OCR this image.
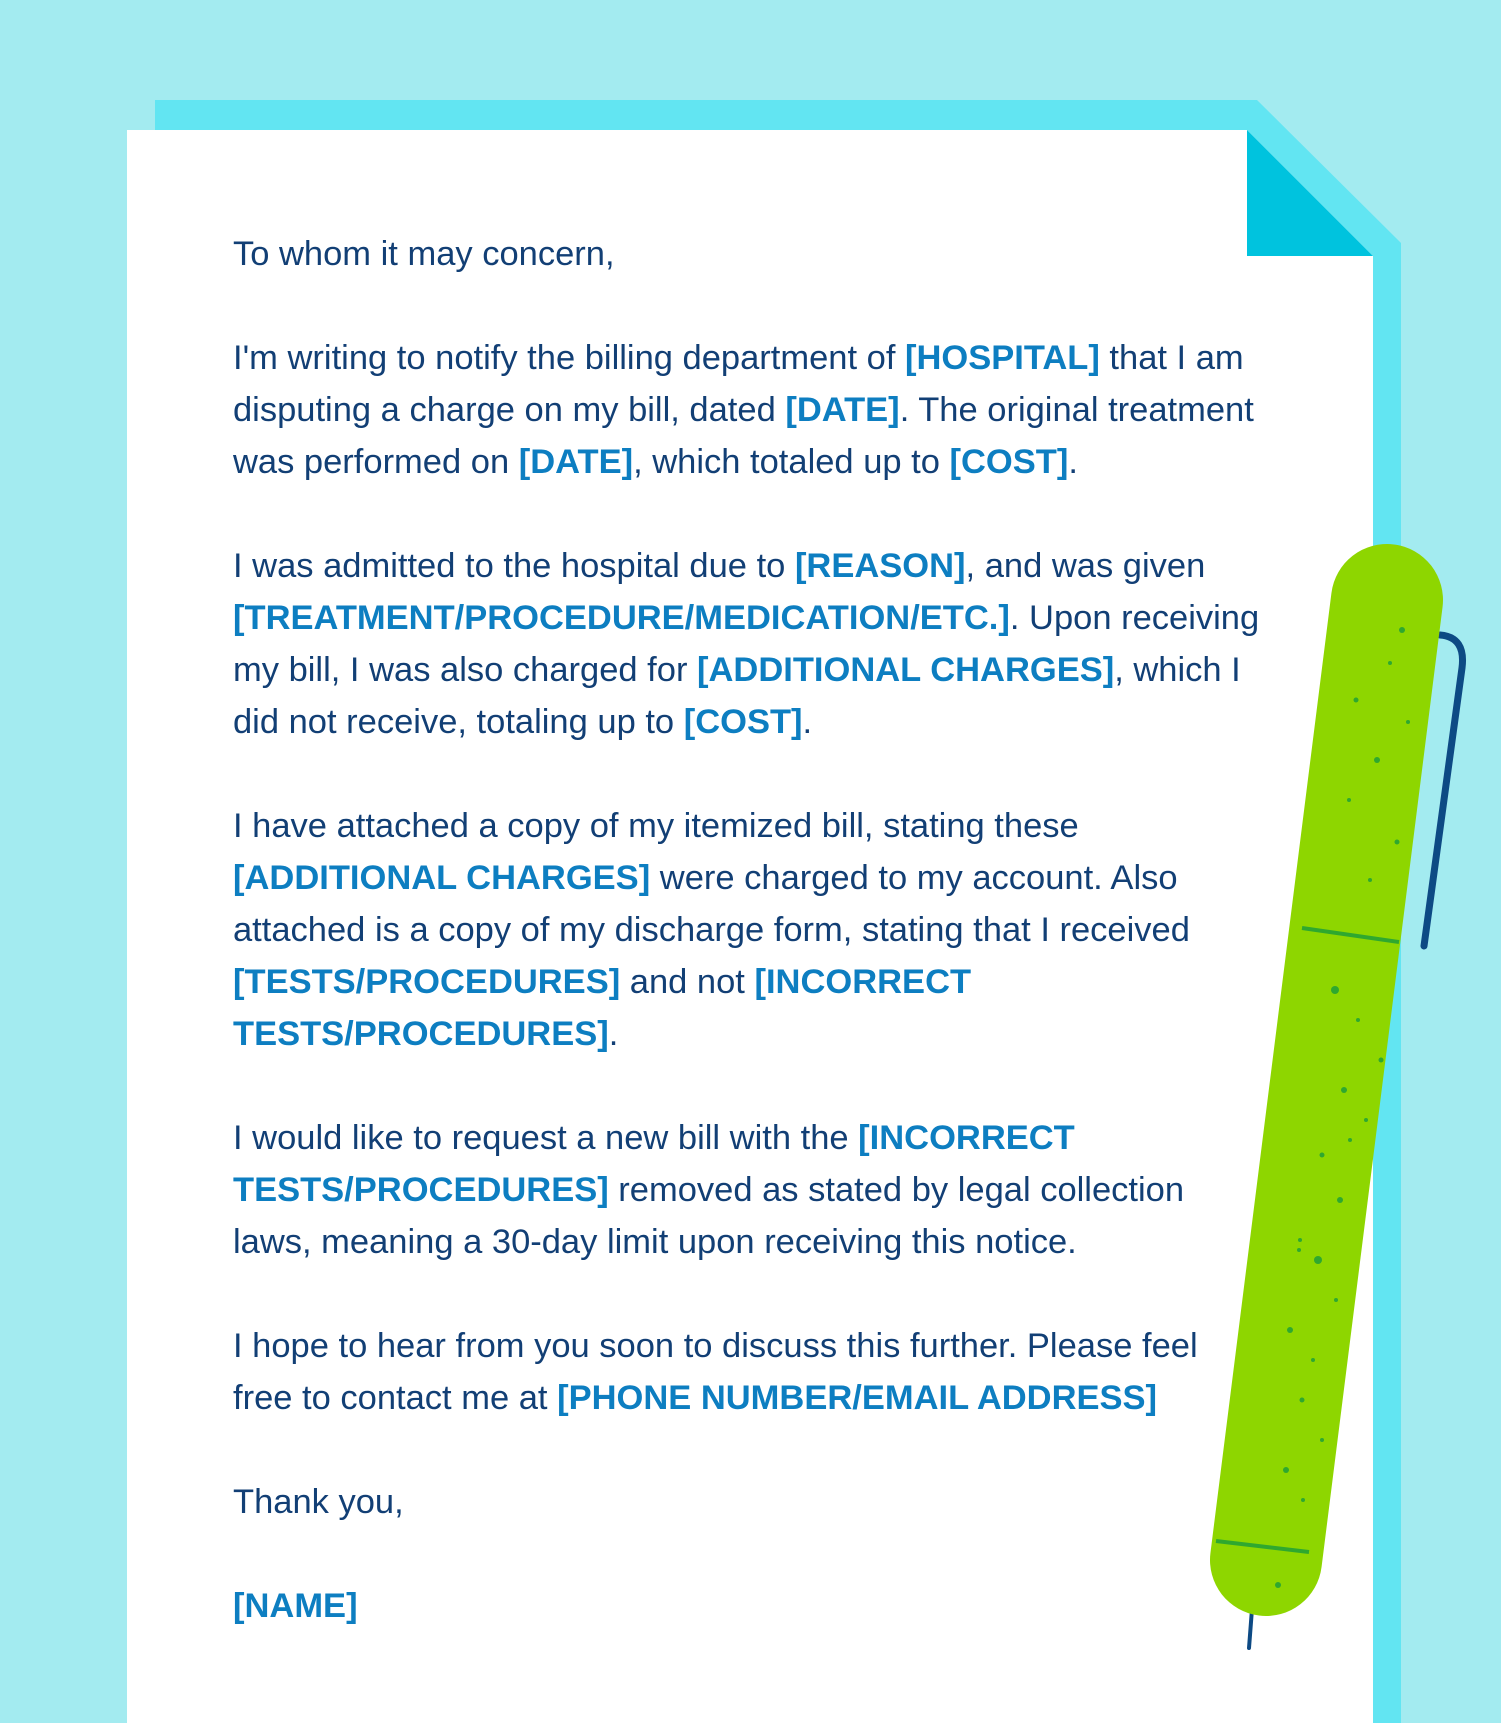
To whom it may concern,

I'm writing to notify the billing department of [HOSPITAL] that I am disputing a charge on my bill, dated [DATE]. The original treatment was performed on [DATE], which totaled up to [COST].

I was admitted to the hospital due to [REASON], and was given [TREATMENT/PROCEDURE/MEDICATION/ETC.]. Upon receiving my bill, I was also charged for [ADDITIONAL CHARGES], which I did not receive, totaling up to [COST].

I have attached a copy of my itemized bill, stating these [ADDITIONAL CHARGES] were charged to my account. Also attached is a copy of my discharge form, stating that I received [TESTS/PROCEDURES] and not [INCORRECT TESTS/PROCEDURES].

I would like to request a new bill with the [INCORRECT TESTS/PROCEDURES] removed as stated by legal collection laws, meaning a 30-day limit upon receiving this notice.

I hope to hear from you soon to discuss this further. Please feel free to contact me at [PHONE NUMBER/EMAIL ADDRESS]

Thank you,

[NAME]
